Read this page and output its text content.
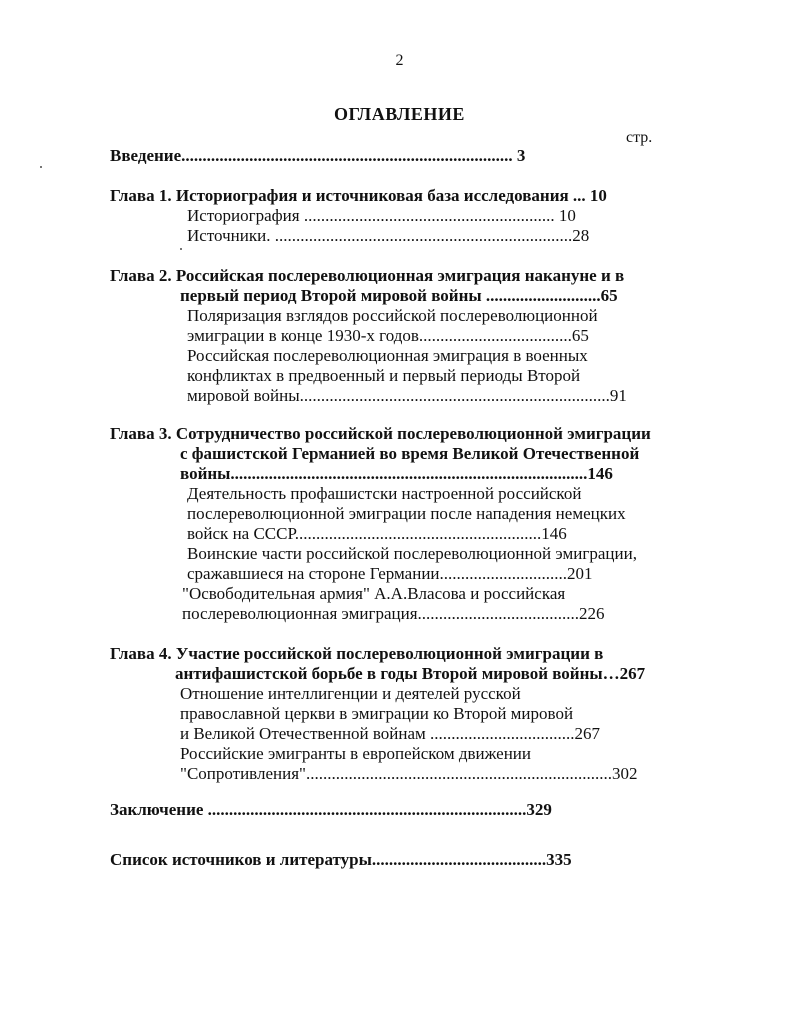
2
ОГЛАВЛЕНИЕ
стр.
Введение.............................................................................. 3
Глава 1. Историография и источниковая база исследования ... 10
Историография ........................................................... 10
Источники. ......................................................................28
Глава 2. Российская послереволюционная эмиграция накануне и в
первый период Второй мировой войны ...........................65
Поляризация взглядов российской послереволюционной
эмиграции в конце 1930-х годов....................................65
Российская послереволюционная эмиграция в военных
конфликтах в предвоенный и первый периоды Второй
мировой войны.........................................................................91
Глава 3. Сотрудничество российской послереволюционной эмиграции
с фашистской Германией во время Великой Отечественной
войны....................................................................................146
Деятельность профашистски настроенной российской
послереволюционной эмиграции после нападения немецких
войск на СССР..........................................................146
Воинские части российской послереволюционной эмиграции,
сражавшиеся на стороне Германии..............................201
"Освободительная армия" А.А.Власова и российская
послереволюционная эмиграция......................................226
Глава 4. Участие российской послереволюционной эмиграции в
антифашистской борьбе в годы Второй мировой войны…267
Отношение интеллигенции и деятелей русской
православной церкви в эмиграции ко Второй мировой
и Великой Отечественной войнам ..................................267
Российские эмигранты в европейском движении
"Сопротивления"........................................................................302
Заключение ...........................................................................329
Список источников и литературы.........................................335
